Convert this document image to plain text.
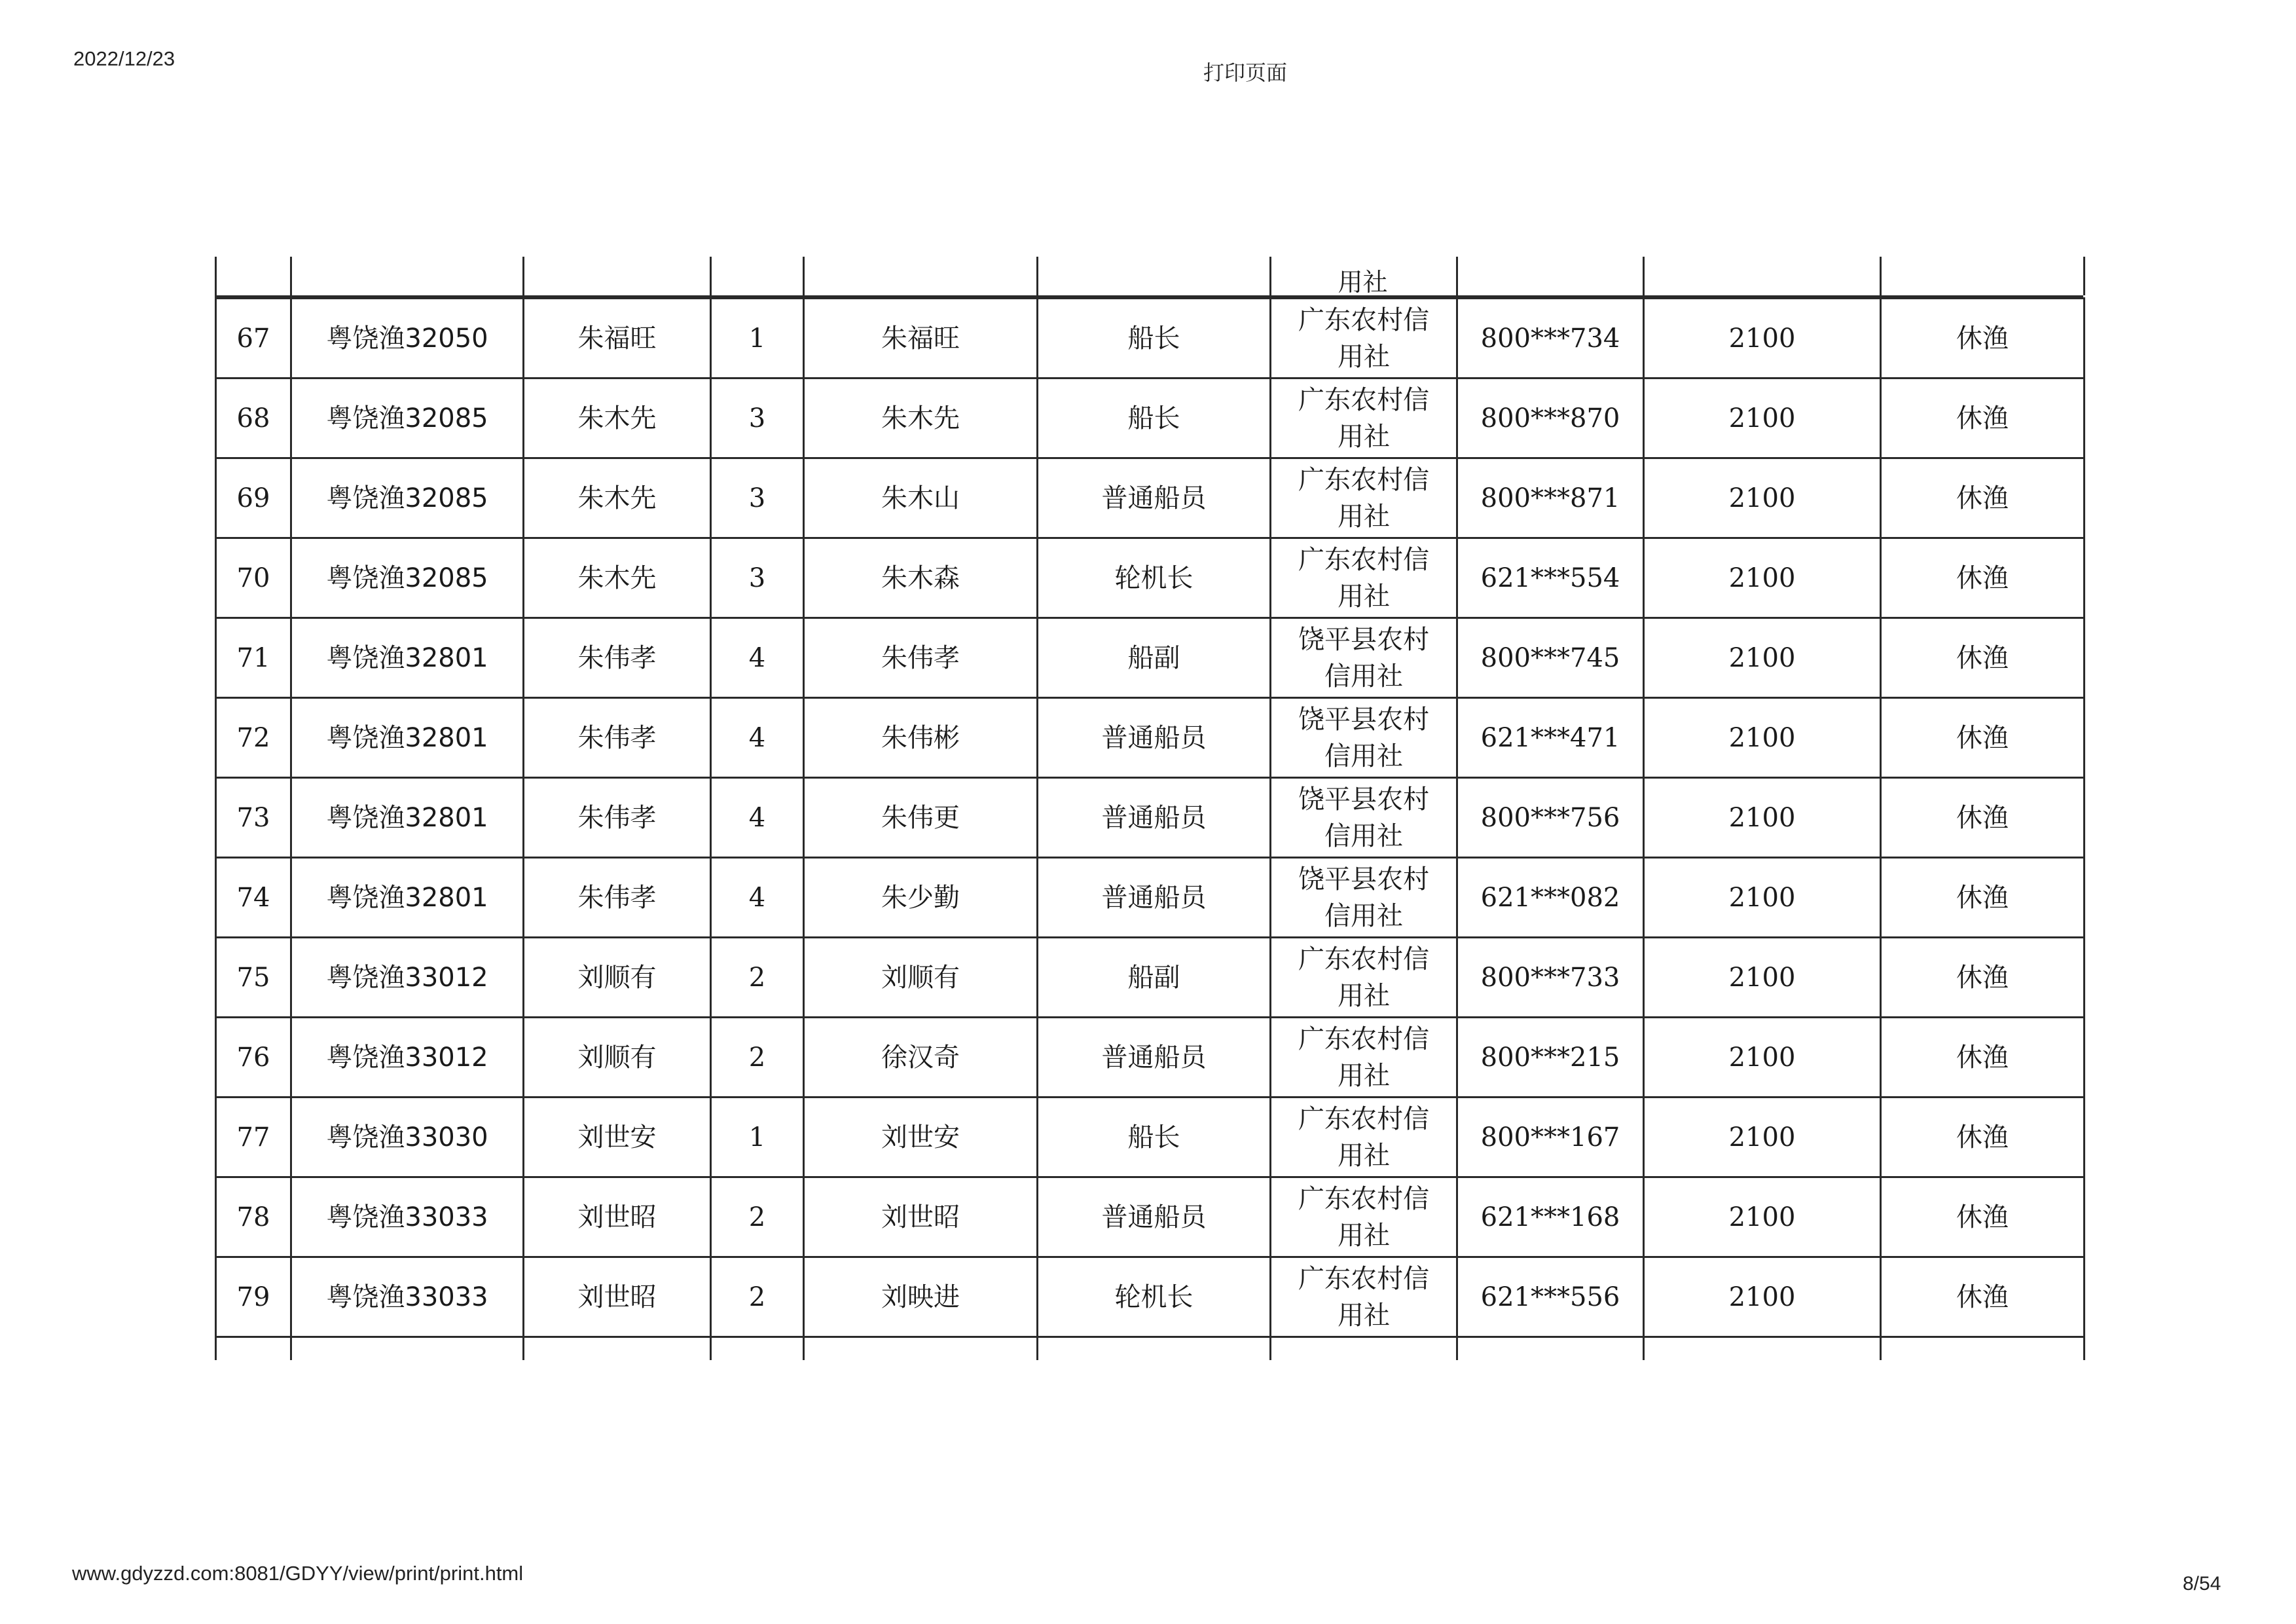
2022/12/23
打印页面
用社
67	粤饶渔32050	朱福旺	1	朱福旺	船长	广东农村信
用社	800***734	2100	休渔
68	粤饶渔32085	朱木先	3	朱木先	船长	广东农村信
用社	800***870	2100	休渔
69	粤饶渔32085	朱木先	3	朱木山	普通船员	广东农村信
用社	800***871	2100	休渔
70	粤饶渔32085	朱木先	3	朱木森	轮机长	广东农村信
用社	621***554	2100	休渔
71	粤饶渔32801	朱伟孝	4	朱伟孝	船副	饶平县农村
信用社	800***745	2100	休渔
72	粤饶渔32801	朱伟孝	4	朱伟彬	普通船员	饶平县农村
信用社	621***471	2100	休渔
73	粤饶渔32801	朱伟孝	4	朱伟更	普通船员	饶平县农村
信用社	800***756	2100	休渔
74	粤饶渔32801	朱伟孝	4	朱少勤	普通船员	饶平县农村
信用社	621***082	2100	休渔
75	粤饶渔33012	刘顺有	2	刘顺有	船副	广东农村信
用社	800***733	2100	休渔
76	粤饶渔33012	刘顺有	2	徐汉奇	普通船员	广东农村信
用社	800***215	2100	休渔
77	粤饶渔33030	刘世安	1	刘世安	船长	广东农村信
用社	800***167	2100	休渔
78	粤饶渔33033	刘世昭	2	刘世昭	普通船员	广东农村信
用社	621***168	2100	休渔
79	粤饶渔33033	刘世昭	2	刘映进	轮机长	广东农村信
用社	621***556	2100	休渔
www.gdyzzd.com:8081/GDYY/view/print/print.html	8/54
